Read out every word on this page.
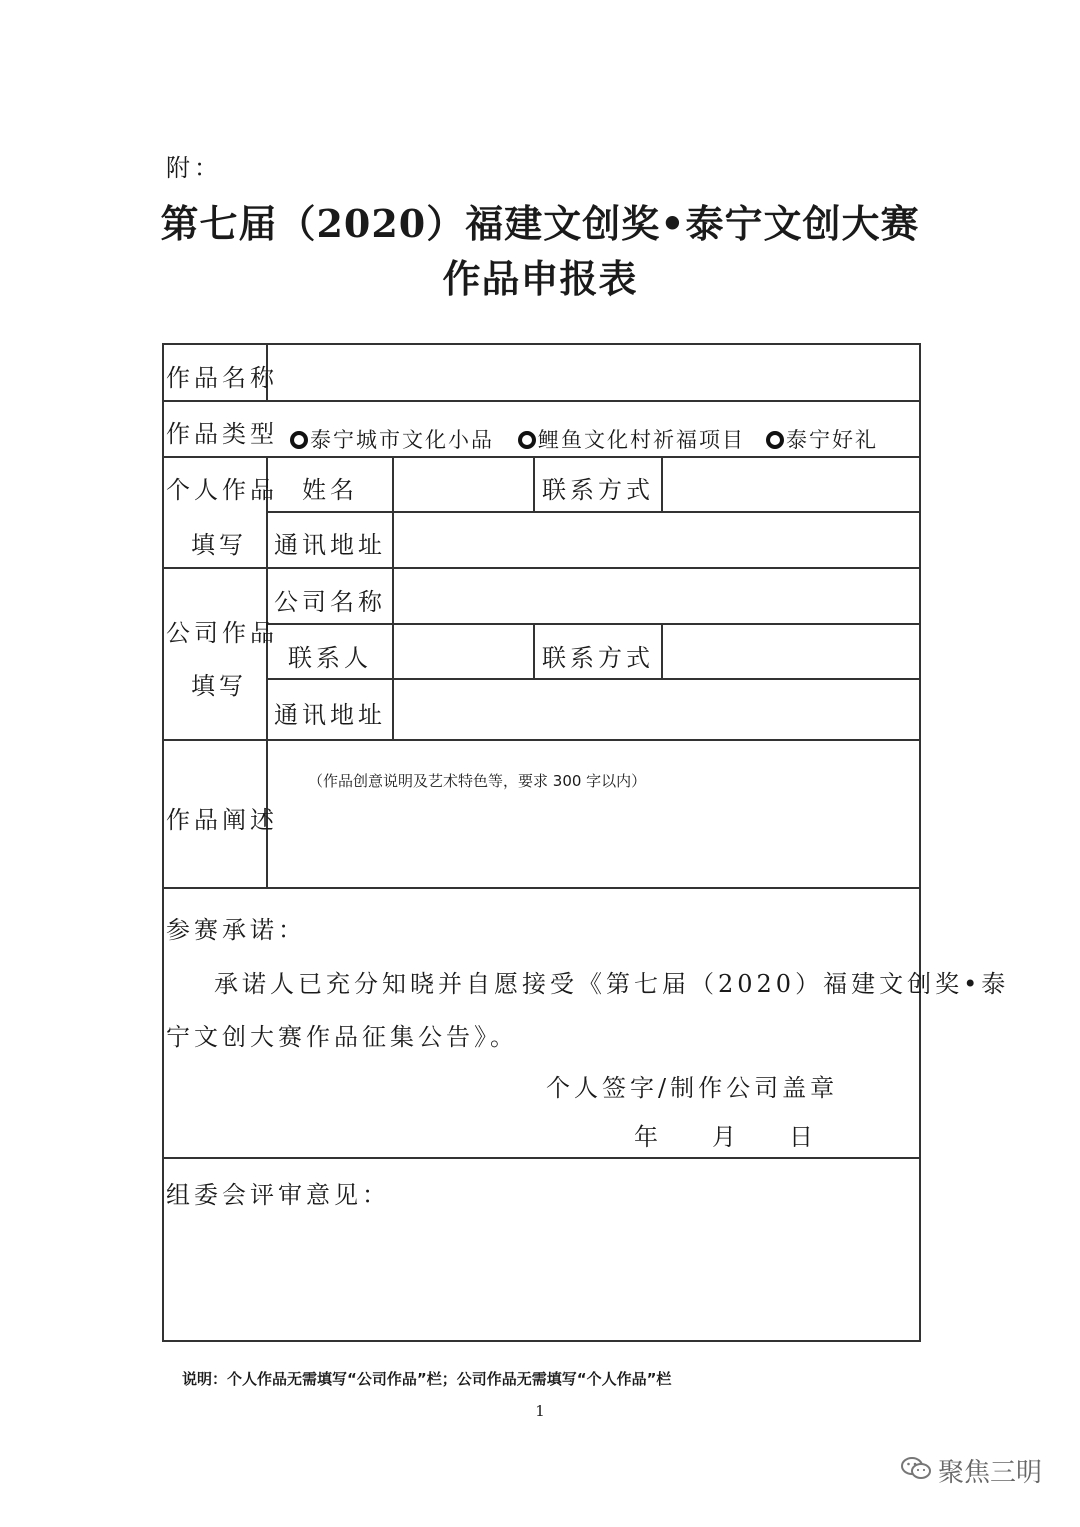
附：
第七届（2020）福建文创奖•泰宁文创大赛
作品申报表
作品名称
作品类型	泰宁城市文化小品	鲤鱼文化村祈福项目	泰宁好礼
个人作品
填写
姓名	联系方式
通讯地址
公司作品
填写
公司名称
联系人	联系方式
通讯地址
作品阐述
（作品创意说明及艺术特色等，要求 300 字以内）
参赛承诺：
承诺人已充分知晓并自愿接受《第七届（2020）福建文创奖•泰
宁文创大赛作品征集公告》。
个人签字/制作公司盖章
年 月 日
组委会评审意见：
说明：个人作品无需填写“公司作品”栏；公司作品无需填写“个人作品”栏
1
聚焦三明
